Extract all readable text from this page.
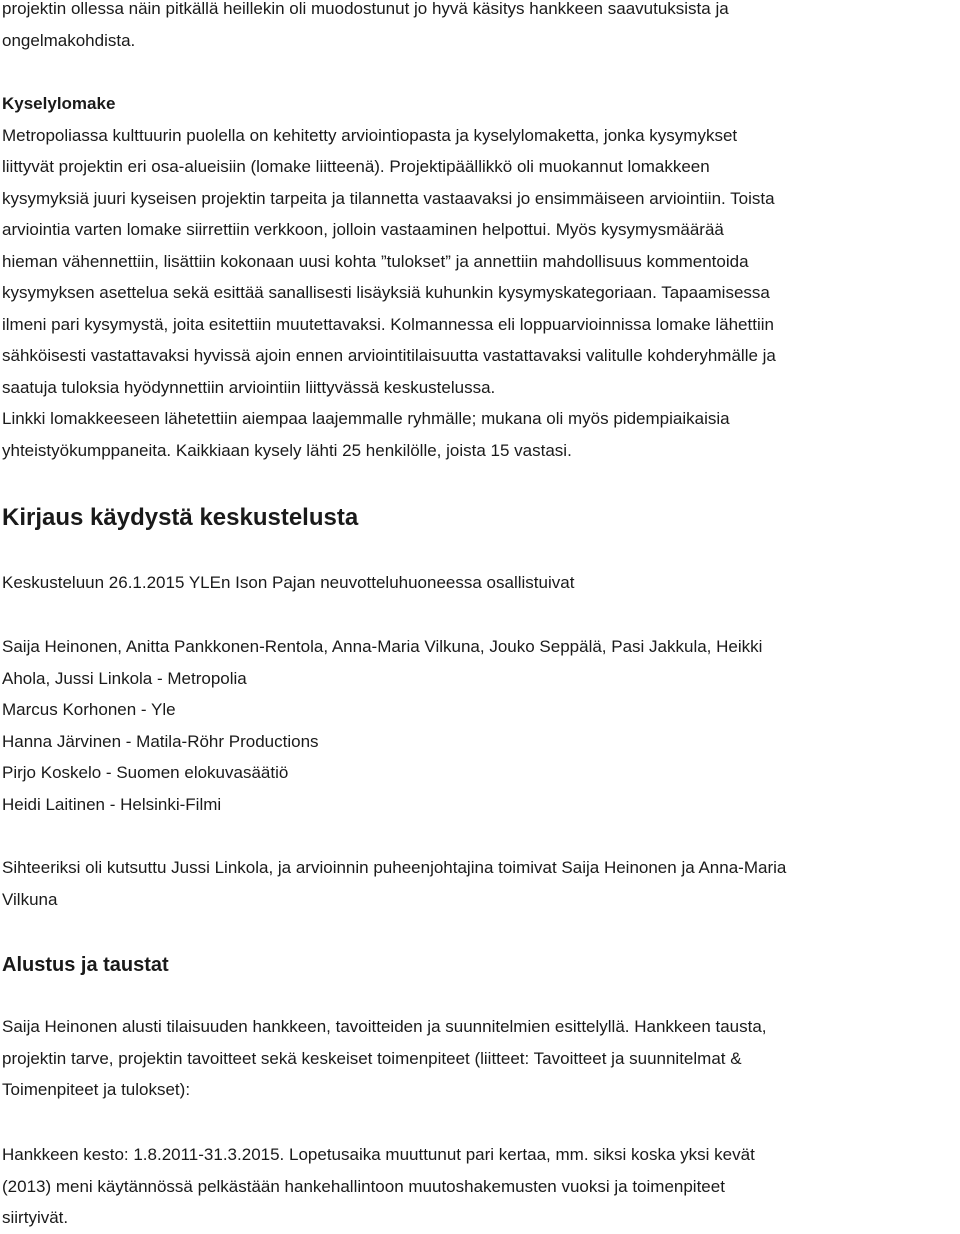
projektin ollessa näin pitkällä heillekin oli muodostunut jo hyvä käsitys hankkeen saavutuksista ja
ongelmakohdista.

Kyselylomake
Metropoliassa kulttuurin puolella on kehitetty arviointiopasta ja kyselylomaketta, jonka kysymykset
liittyvät projektin eri osa-alueisiin (lomake liitteenä). Projektipäällikkö oli muokannut lomakkeen
kysymyksiä juuri kyseisen projektin tarpeita ja tilannetta vastaavaksi jo ensimmäiseen arviointiin. Toista
arviointia varten lomake siirrettiin verkkoon, jolloin vastaaminen helpottui. Myös kysymysmäärää
hieman vähennettiin, lisättiin kokonaan uusi kohta ”tulokset” ja annettiin mahdollisuus kommentoida
kysymyksen asettelua sekä esittää sanallisesti lisäyksiä kuhunkin kysymyskategoriaan. Tapaamisessa
ilmeni pari kysymystä, joita esitettiin muutettavaksi. Kolmannessa eli loppuarvioinnissa lomake lähettiin
sähköisesti vastattavaksi hyvissä ajoin ennen arviointitilaisuutta vastattavaksi valitulle kohderyhmälle ja
saatuja tuloksia hyödynnettiin arviointiin liittyvässä keskustelussa.
Linkki lomakkeeseen lähetettiin aiempaa laajemmalle ryhmälle; mukana oli myös pidempiaikaisia
yhteistyökumppaneita. Kaikkiaan kysely lähti 25 henkilölle, joista 15 vastasi.
Kirjaus käydystä keskustelusta

Keskusteluun 26.1.2015 YLEn Ison Pajan neuvotteluhuoneessa osallistuivat

Saija Heinonen, Anitta Pankkonen-Rentola, Anna-Maria Vilkuna, Jouko Seppälä, Pasi Jakkula, Heikki
Ahola, Jussi Linkola - Metropolia
Marcus Korhonen - Yle
Hanna Järvinen - Matila-Röhr Productions
Pirjo Koskelo - Suomen elokuvasäätiö
Heidi Laitinen - Helsinki-Filmi

Sihteeriksi oli kutsuttu Jussi Linkola, ja arvioinnin puheenjohtajina toimivat Saija Heinonen ja Anna-Maria
Vilkuna

Alustus ja taustat

Saija Heinonen alusti tilaisuuden hankkeen, tavoitteiden ja suunnitelmien esittelyllä. Hankkeen tausta,
projektin tarve, projektin tavoitteet sekä keskeiset toimenpiteet (liitteet: Tavoitteet ja suunnitelmat &
Toimenpiteet ja tulokset):

Hankkeen kesto: 1.8.2011-31.3.2015. Lopetusaika muuttunut pari kertaa, mm. siksi koska yksi kevät
(2013) meni käytännössä pelkästään hankehallintoon muutoshakemusten vuoksi ja toimenpiteet
siirtyivät.
